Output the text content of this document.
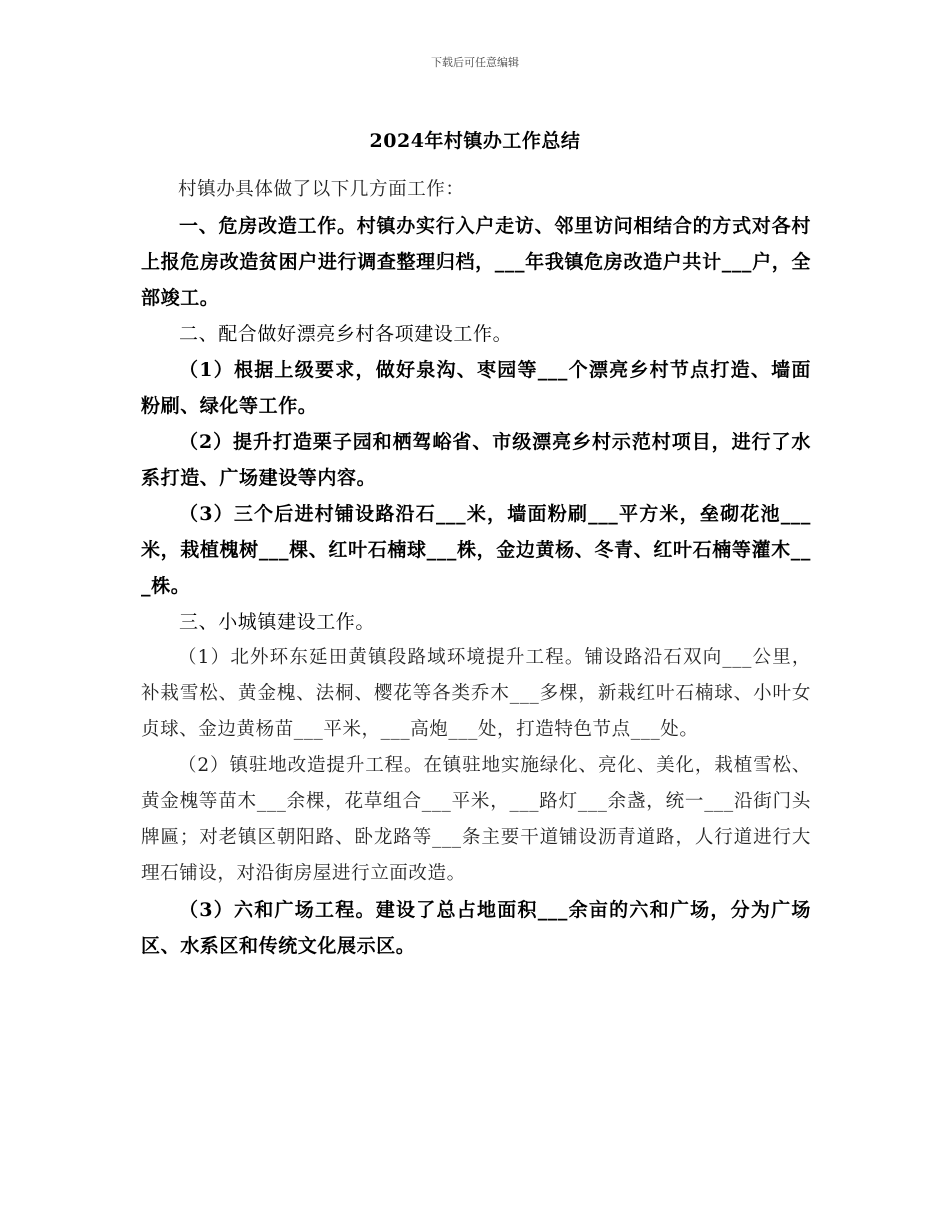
下载后可任意编辑
2024年村镇办工作总结

村镇办具体做了以下几方面工作：

一、危房改造工作。村镇办实行入户走访、邻里访问相结合的方式对各村上报危房改造贫困户进行调查整理归档，___年我镇危房改造户共计___户，全部竣工。

二、配合做好漂亮乡村各项建设工作。

（1）根据上级要求，做好泉沟、枣园等___个漂亮乡村节点打造、墙面粉刷、绿化等工作。

（2）提升打造栗子园和栖驾峪省、市级漂亮乡村示范村项目，进行了水系打造、广场建设等内容。

（3）三个后进村铺设路沿石___米，墙面粉刷___平方米，垒砌花池___米，栽植槐树___棵、红叶石楠球___株，金边黄杨、冬青、红叶石楠等灌木___株。

三、小城镇建设工作。

（1）北外环东延田黄镇段路域环境提升工程。铺设路沿石双向___公里，补栽雪松、黄金槐、法桐、樱花等各类乔木___多棵，新栽红叶石楠球、小叶女贞球、金边黄杨苗___平米，___高炮___处，打造特色节点___处。

（2）镇驻地改造提升工程。在镇驻地实施绿化、亮化、美化，栽植雪松、黄金槐等苗木___余棵，花草组合___平米，___路灯___余盏，统一___沿街门头牌匾；对老镇区朝阳路、卧龙路等___条主要干道铺设沥青道路，人行道进行大理石铺设，对沿街房屋进行立面改造。

（3）六和广场工程。建设了总占地面积___余亩的六和广场，分为广场区、水系区和传统文化展示区。
